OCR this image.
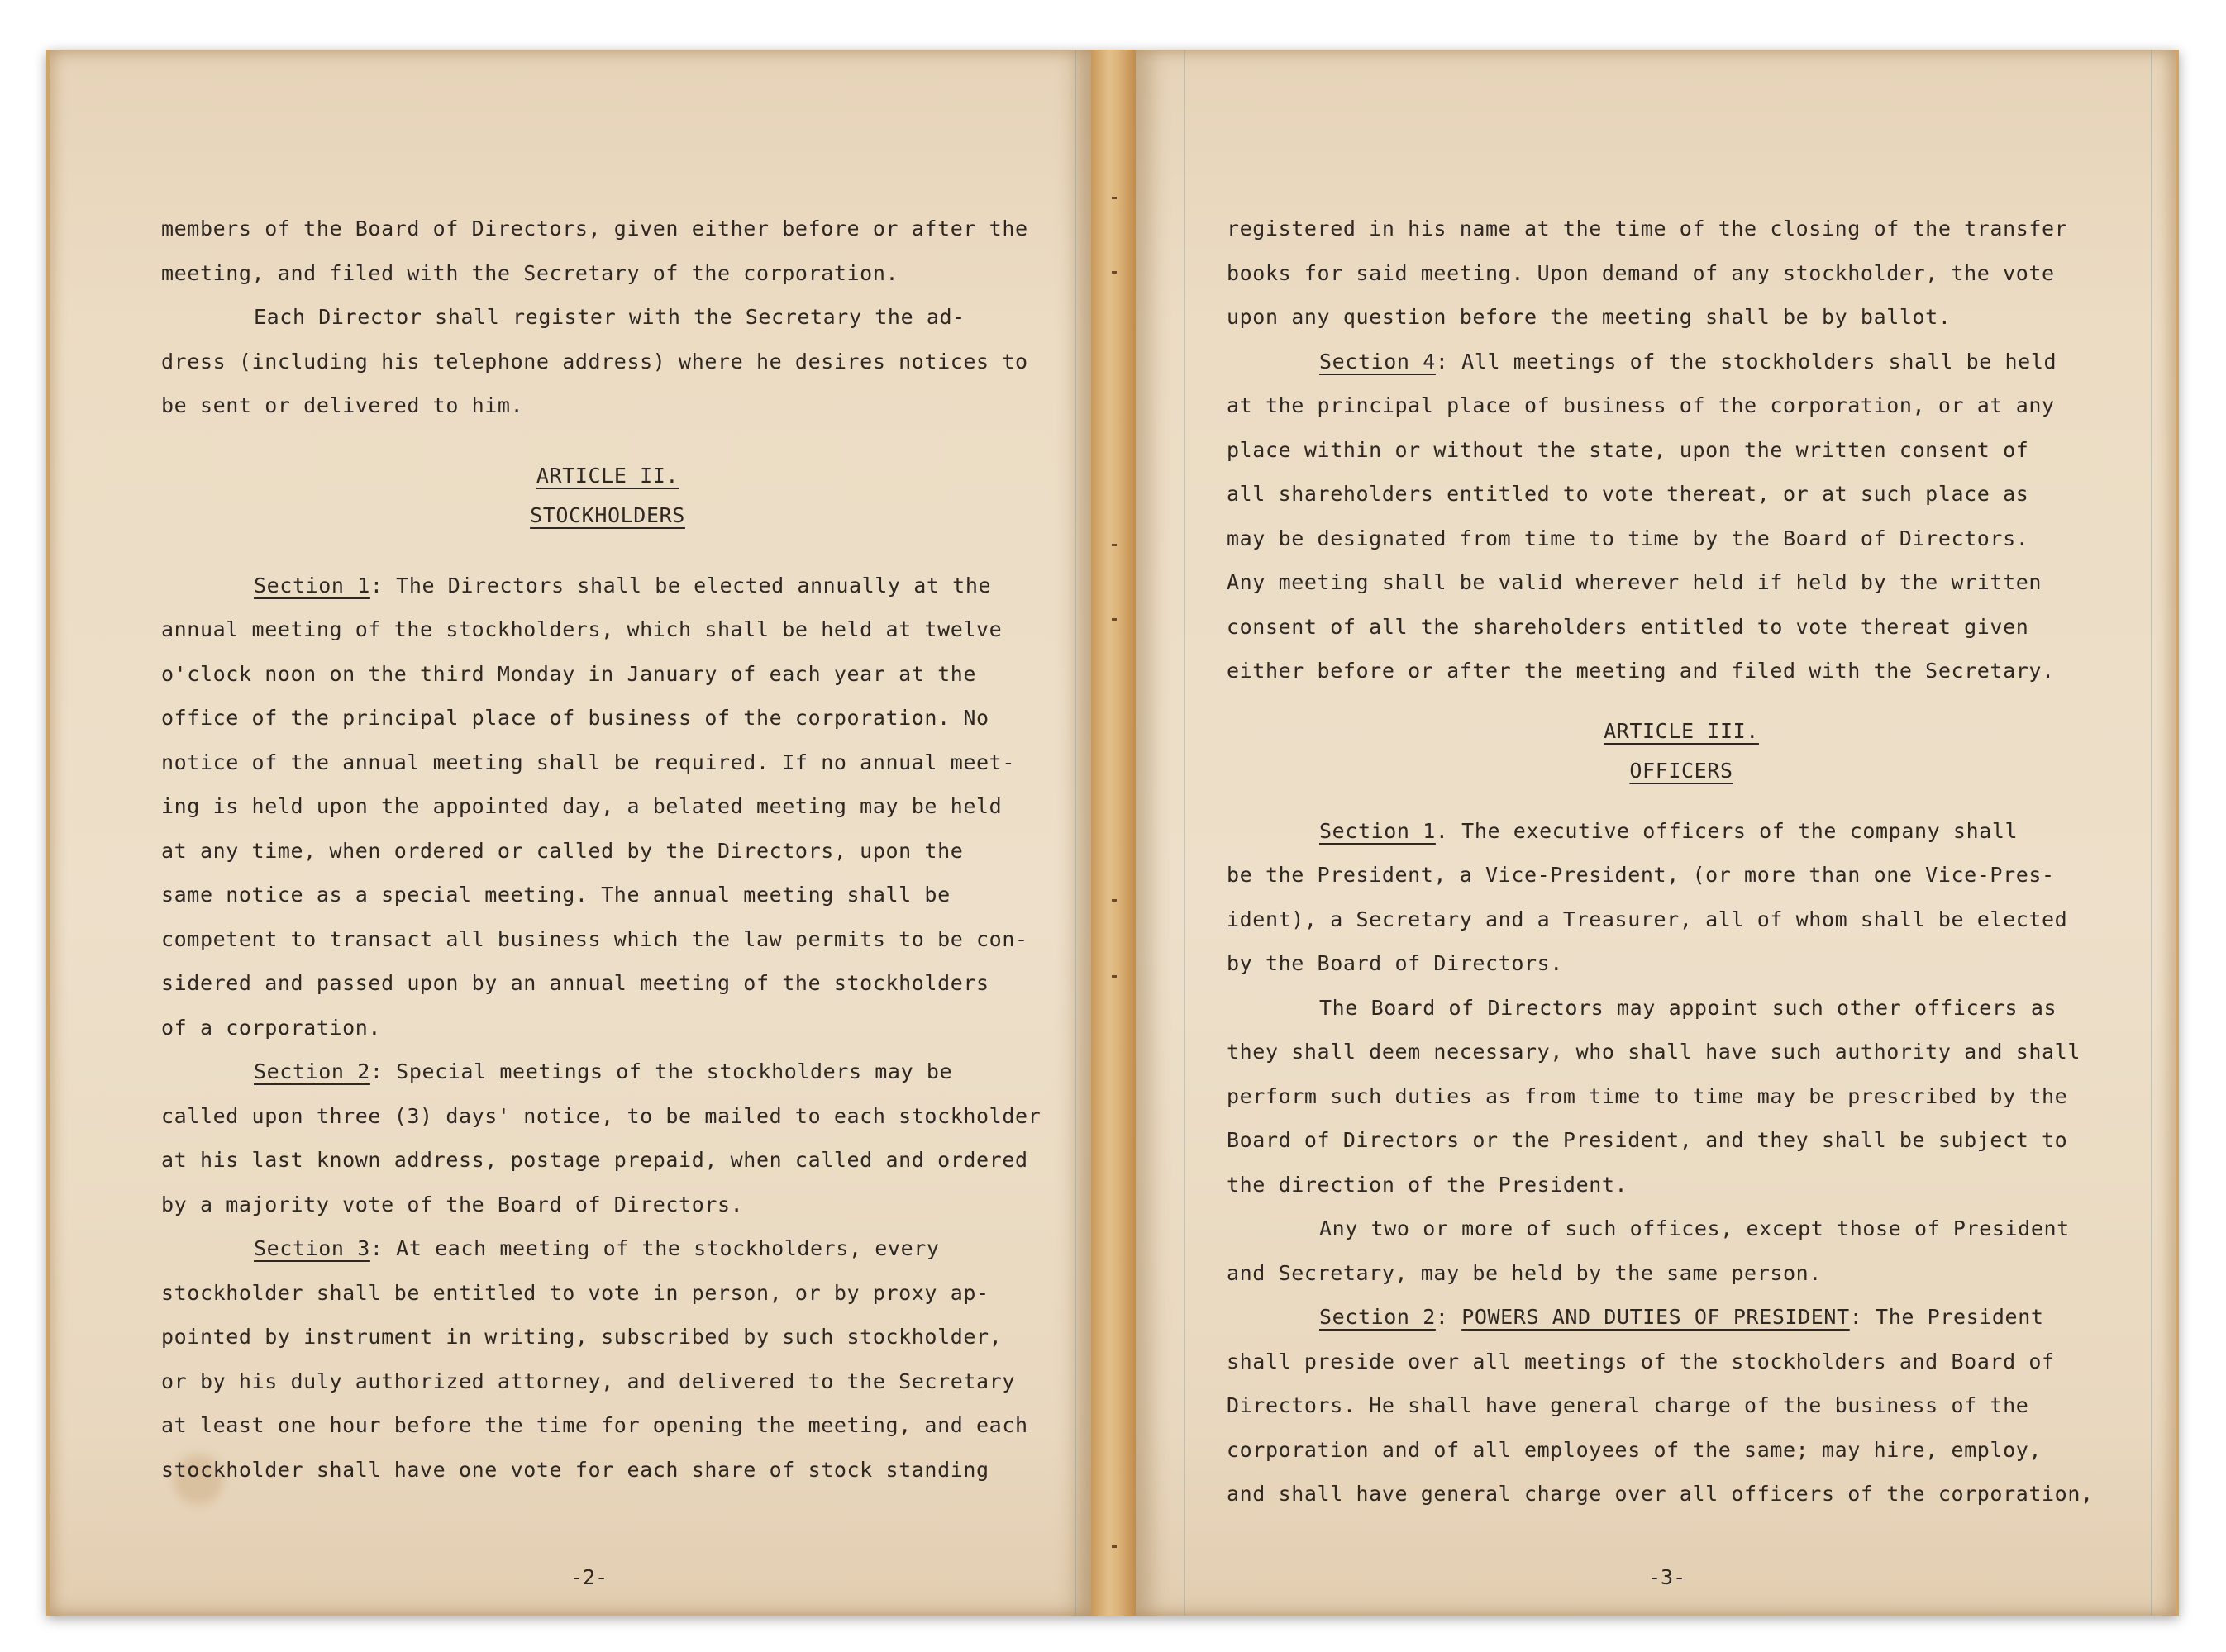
members of the Board of Directors, given either before or after the
meeting, and filed with the Secretary of the corporation.
Each Director shall register with the Secretary the ad-
dress (including his telephone address) where he desires notices to
be sent or delivered to him.
ARTICLE II.
STOCKHOLDERS
Section 1: The Directors shall be elected annually at the
annual meeting of the stockholders, which shall be held at twelve
o'clock noon on the third Monday in January of each year at the
office of the principal place of business of the corporation. No
notice of the annual meeting shall be required. If no annual meet-
ing is held upon the appointed day, a belated meeting may be held
at any time, when ordered or called by the Directors, upon the
same notice as a special meeting. The annual meeting shall be
competent to transact all business which the law permits to be con-
sidered and passed upon by an annual meeting of the stockholders
of a corporation.
Section 2: Special meetings of the stockholders may be
called upon three (3) days' notice, to be mailed to each stockholder
at his last known address, postage prepaid, when called and ordered
by a majority vote of the Board of Directors.
Section 3: At each meeting of the stockholders, every
stockholder shall be entitled to vote in person, or by proxy ap-
pointed by instrument in writing, subscribed by such stockholder,
or by his duly authorized attorney, and delivered to the Secretary
at least one hour before the time for opening the meeting, and each
stockholder shall have one vote for each share of stock standing
-2-
registered in his name at the time of the closing of the transfer
books for said meeting. Upon demand of any stockholder, the vote
upon any question before the meeting shall be by ballot.
Section 4: All meetings of the stockholders shall be held
at the principal place of business of the corporation, or at any
place within or without the state, upon the written consent of
all shareholders entitled to vote thereat, or at such place as
may be designated from time to time by the Board of Directors.
Any meeting shall be valid wherever held if held by the written
consent of all the shareholders entitled to vote thereat given
either before or after the meeting and filed with the Secretary.
ARTICLE III.
OFFICERS
Section 1. The executive officers of the company shall
be the President, a Vice-President, (or more than one Vice-Pres-
ident), a Secretary and a Treasurer, all of whom shall be elected
by the Board of Directors.
The Board of Directors may appoint such other officers as
they shall deem necessary, who shall have such authority and shall
perform such duties as from time to time may be prescribed by the
Board of Directors or the President, and they shall be subject to
the direction of the President.
Any two or more of such offices, except those of President
and Secretary, may be held by the same person.
Section 2: POWERS AND DUTIES OF PRESIDENT: The President
shall preside over all meetings of the stockholders and Board of
Directors. He shall have general charge of the business of the
corporation and of all employees of the same; may hire, employ,
and shall have general charge over all officers of the corporation,
-3-
